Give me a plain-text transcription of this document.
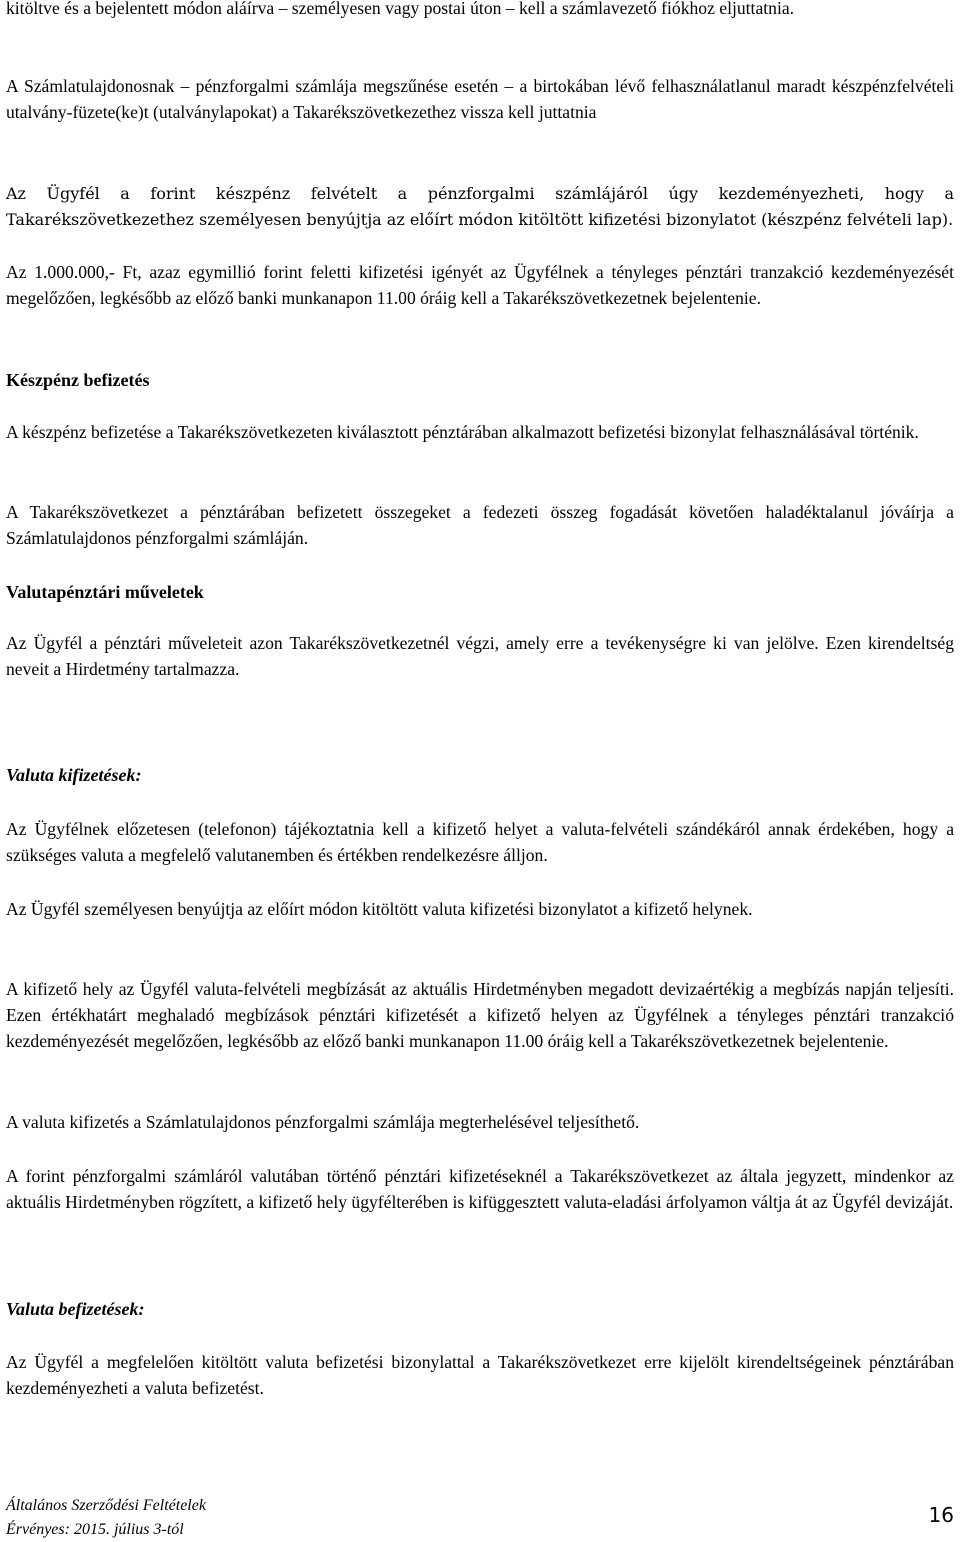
kitöltve és a bejelentett módon aláírva – személyesen vagy postai úton – kell a számlavezető fiókhoz eljuttatnia.

A Számlatulajdonosnak – pénzforgalmi számlája megszűnése esetén – a birtokában lévő felhasználatlanul maradt készpénzfelvételi utalvány-füzete(ke)t (utalványlapokat) a Takarékszövetkezethez vissza kell juttatnia

Az Ügyfél a forint készpénz felvételt a pénzforgalmi számlájáról úgy kezdeményezheti, hogy a Takarékszövetkezethez személyesen benyújtja az előírt módon kitöltött kifizetési bizonylatot (készpénz felvételi lap).

Az 1.000.000,- Ft, azaz egymillió forint feletti kifizetési igényét az Ügyfélnek a tényleges pénztári tranzakció kezdeményezését megelőzően, legkésőbb az előző banki munkanapon 11.00 óráig kell a Takarékszövetkezetnek bejelentenie.

Készpénz befizetés

A készpénz befizetése a Takarékszövetkezeten kiválasztott pénztárában alkalmazott befizetési bizonylat felhasználásával történik.

A Takarékszövetkezet a pénztárában befizetett összegeket a fedezeti összeg fogadását követően haladéktalanul jóváírja a Számlatulajdonos pénzforgalmi számláján.

Valutapénztári műveletek

Az Ügyfél a pénztári műveleteit azon Takarékszövetkezetnél végzi, amely erre a tevékenységre ki van jelölve. Ezen kirendeltség neveit a Hirdetmény tartalmazza.

Valuta kifizetések:

Az Ügyfélnek előzetesen (telefonon) tájékoztatnia kell a kifizető helyet a valuta-felvételi szándékáról annak érdekében, hogy a szükséges valuta a megfelelő valutanemben és értékben rendelkezésre álljon.

Az Ügyfél személyesen benyújtja az előírt módon kitöltött valuta kifizetési bizonylatot a kifizető helynek.

A kifizető hely az Ügyfél valuta-felvételi megbízását az aktuális Hirdetményben megadott devizaértékig a megbízás napján teljesíti. Ezen értékhatárt meghaladó megbízások pénztári kifizetését a kifizető helyen az Ügyfélnek a tényleges pénztári tranzakció kezdeményezését megelőzően, legkésőbb az előző banki munkanapon 11.00 óráig kell a Takarékszövetkezetnek bejelentenie.

A valuta kifizetés a Számlatulajdonos pénzforgalmi számlája megterhelésével teljesíthető.

A forint pénzforgalmi számláról valutában történő pénztári kifizetéseknél a Takarékszövetkezet az általa jegyzett, mindenkor az aktuális Hirdetményben rögzített, a kifizető hely ügyfélterében is kifüggesztett valuta-eladási árfolyamon váltja át az Ügyfél devizáját.

Valuta befizetések:

Az Ügyfél a megfelelően kitöltött valuta befizetési bizonylattal a Takarékszövetkezet erre kijelölt kirendeltségeinek pénztárában kezdeményezheti a valuta befizetést.

Általános Szerződési Feltételek
Érvényes: 2015. július 3-tól
16
